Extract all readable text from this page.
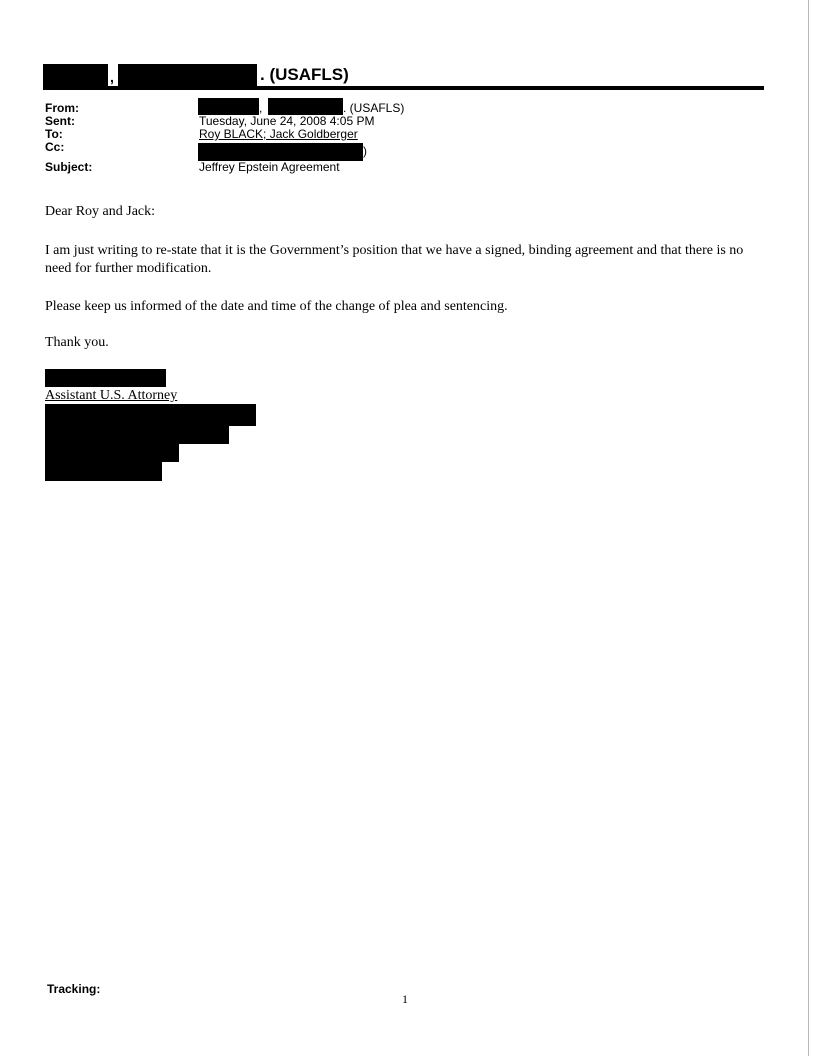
,	. (USAFLS)
From:	,	. (USAFLS)
Sent:	Tuesday, June 24, 2008 4:05 PM
To:	Roy BLACK; Jack Goldberger
Cc:	)
Subject:	Jeffrey Epstein Agreement

Dear Roy and Jack:

I am just writing to re-state that it is the Government’s position that we have a signed, binding agreement and that there is no need for further modification.

Please keep us informed of the date and time of the change of plea and sentencing.

Thank you.

Assistant U.S. Attorney
Tracking:
1
